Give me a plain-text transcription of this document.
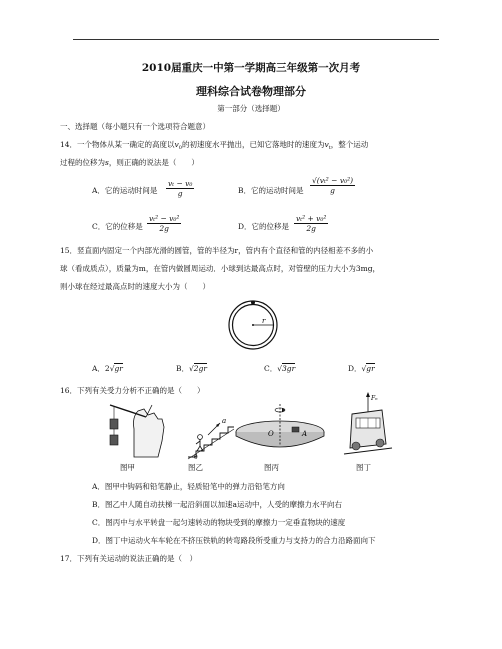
2010届重庆一中第一学期高三年级第一次月考
理科综合试卷物理部分
第一部分（选择题）
一、选择题（每小题只有一个选项符合题意）
14．一个物体从某一确定的高度以$v_0$的初速度水平抛出，已知它落地时的速度为$v_t$，整个运动
过程的位移为s，则正确的说法是（　　）
A．它的运动时间是 $\frac{\text{vₜ − v₀}}{g}$	B．它的运动时间是 $\frac{\text{√(vₜ² − v₀²)}}{g}$
C．它的位移是 $\frac{\text{vₜ² − v₀²}}{2g}$	D．它的位移是 $\frac{\text{vₜ² + v₀²}}{2g}$
15．竖直面内固定一个内部光滑的圆管，管的半径为r，管内有个直径和管的内径相差不多的小
球（看成质点），质量为m，在管内做圆周运动．小球到达最高点时，对管壁的压力大小为3mg，
则小球在经过最高点时的速度大小为（　　）
r
A．2√gr	B．√2gr	C．√3gr	D．√gr
16．下列有关受力分析不正确的是（　　）
a
θ
O	A
Fₙ
图甲	图乙	图丙	图丁
A．图甲中钩码和铅笔静止，轻质铅笔中的弹力沿铅笔方向
B．图乙中人随自动扶梯一起沿斜面以加速a运动中，人受的摩擦力水平向右
C．图丙中与水平转盘一起匀速转动的物块受到的摩擦力一定垂直物块的速度
D．图丁中运动火车车轮在不挤压铁轨的转弯路段所受重力与支持力的合力沿路面向下
17．下列有关运动的说法正确的是（　）
